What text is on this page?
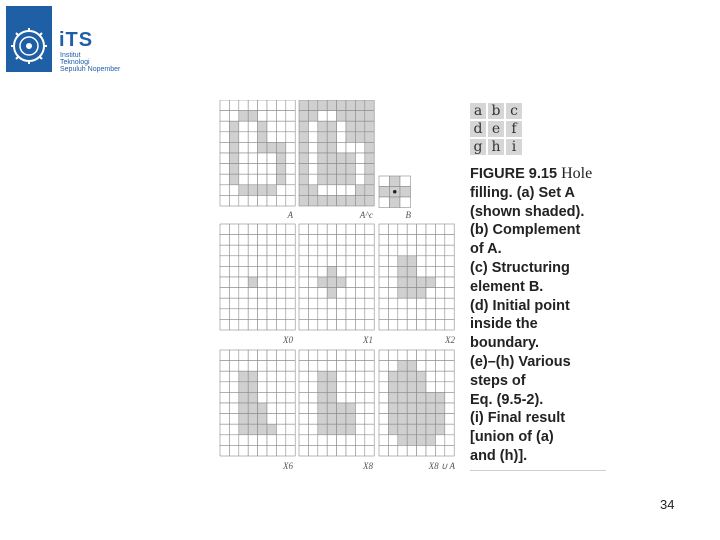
iTS
Institut
Teknologi
Sepuluh Nopember
A	A^c	B
X0	X1	X2
X6	X8	X8 ∪ A
a b c
d e f
g h i
FIGURE 9.15 Hole
filling. (a) Set A
(shown shaded).
(b) Complement
of A.
(c) Structuring
element B.
(d) Initial point
inside the
boundary.
(e)–(h) Various
steps of
Eq. (9.5-2).
(i) Final result
[union of (a)
and (h)].
34
